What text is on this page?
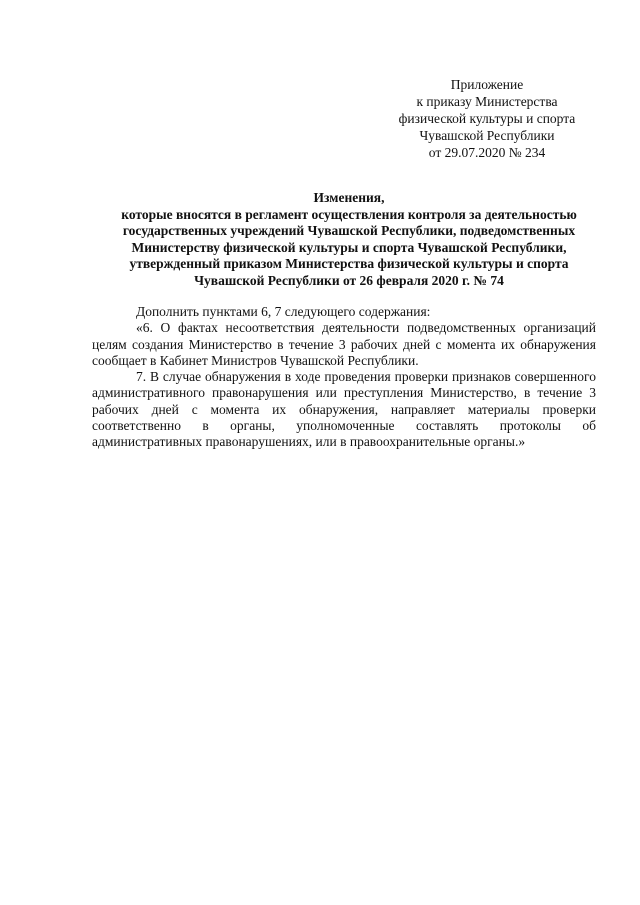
Приложение
к приказу Министерства
физической культуры и спорта
Чувашской Республики
от 29.07.2020 № 234
Изменения,
которые вносятся в регламент осуществления контроля за деятельностью
государственных учреждений Чувашской Республики, подведомственных
Министерству физической культуры и спорта Чувашской Республики,
утвержденный приказом Министерства физической культуры и спорта
Чувашской Республики от 26 февраля 2020 г. № 74

Дополнить пунктами 6, 7 следующего содержания:

«6. О фактах несоответствия деятельности подведомственных организаций целям создания Министерство в течение 3 рабочих дней с момента их обнаружения сообщает в Кабинет Министров Чувашской Республики.

7. В случае обнаружения в ходе проведения проверки признаков совершенного административного правонарушения или преступления Министерство, в течение 3 рабочих дней с момента их обнаружения, направляет материалы проверки соответственно в органы, уполномоченные составлять протоколы об административных правонарушениях, или в правоохранительные органы.»
